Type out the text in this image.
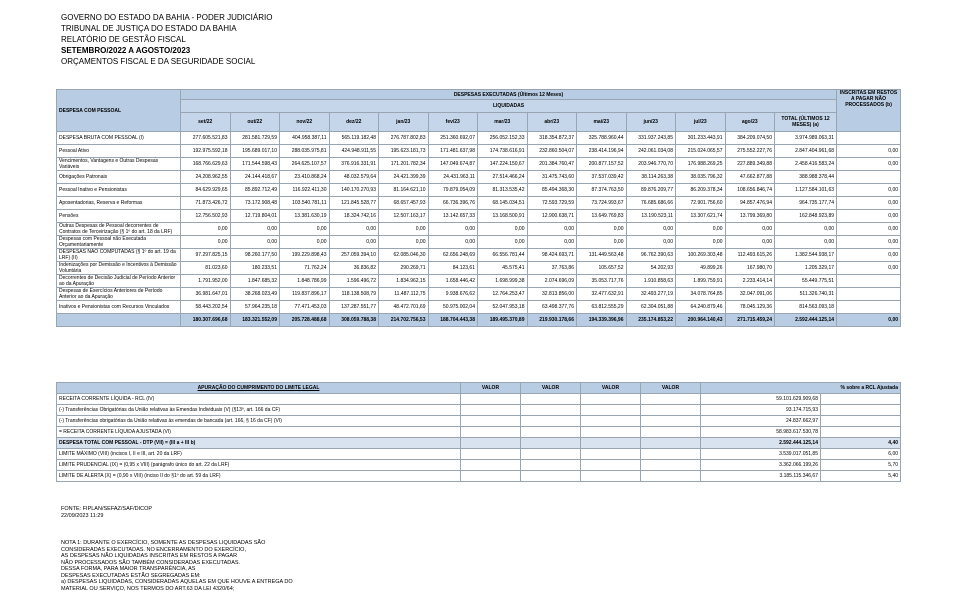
GOVERNO DO ESTADO DA BAHIA - PODER JUDICIÁRIO
TRIBUNAL DE JUSTIÇA DO ESTADO DA BAHIA
RELATÓRIO DE GESTÃO FISCAL
SETEMBRO/2022 A AGOSTO/2023
ORÇAMENTOS FISCAL E DA SEGURIDADE SOCIAL
DESPESA COM PESSOAL	DESPESAS EXECUTADAS (Últimos 12 Meses)													INSCRITAS EM RESTOS A PAGAR NÃO PROCESSADOS (b)
	LIQUIDADAS													
	set/22	out/22	nov/22	dez/22	jan/23	fev/23	mar/23	abr/23	mai/23	jun/23	jul/23	ago/23	TOTAL (ÚLTIMOS 12 MESES) (a)	
DESPESA BRUTA COM PESSOAL (I)	277.605.521,83	281.581.729,59	404.958.387,11	565.119.182,48	276.787.802,83	251.360.692,07	256.052.152,33	318.354.872,37	325.788.960,44	331.937.243,85	301.233.443,91	384.209.074,50	3.974.989.063,31	
Pessoal Ativo	192.975.592,18	195.689.017,10	288.035.975,81	424.948.911,55	195.623.181,73	171.481.637,98	174.738.616,91	232.860.504,07	238.414.196,94	242.061.034,08	215.024.065,57	275.552.227,76	2.847.404.961,68	0,00
Vencimentos, Vantagens e Outras Despesas Variáveis	168.766.629,63	171.544.598,43	264.625.107,57	376.916.331,91	171.201.782,34	147.049.674,87	147.224.150,67	201.384.760,47	200.877.157,52	203.946.770,70	176.988.269,25	227.889.349,88	2.458.416.583,24	0,00
Obrigações Patronais	24.208.962,55	24.144.418,67	23.410.868,24	48.032.579,64	24.421.399,39	24.431.963,11	27.514.466,24	31.475.743,60	37.537.039,42	38.114.263,38	38.035.796,32	47.662.877,88	388.988.378,44	
Pessoal Inativo e Pensionistas	84.629.929,65	85.892.712,49	116.922.411,30	140.170.270,93	81.164.621,10	79.879.054,09	81.313.535,42	85.494.368,30	87.374.763,50	89.876.209,77	86.209.378,34	108.656.846,74	1.127.584.101,63	0,00
Aposentadorias, Reserva e Reformas	71.873.426,72	73.172.908,48	103.540.781,11	121.845.528,77	68.657.457,93	66.736.396,76	68.145.034,51	72.593.729,59	73.724.993,67	76.685.686,66	72.901.756,60	94.857.476,94	964.735.177,74	0,00
Pensões	12.756.502,93	12.719.804,01	13.381.630,19	18.324.742,16	12.507.163,17	13.142.657,33	13.168.500,91	12.900.638,71	13.649.769,83	13.190.523,11	13.307.621,74	13.799.369,80	162.848.923,89	0,00
Outras Despesas de Pessoal decorrentes de Contratos de Terceirização (§ 1º do art. 18 da LRF)	0,00	0,00	0,00	0,00	0,00	0,00	0,00	0,00	0,00	0,00	0,00	0,00	0,00	0,00
Despesas com Pessoal não Executada Orçamentariamente	0,00	0,00	0,00	0,00	0,00	0,00	0,00	0,00	0,00	0,00	0,00	0,00	0,00	0,00
DESPESAS NÃO COMPUTADAS (§ 1º do art. 19 da LRF) (II)	97.297.825,15	98.260.177,50	199.229.898,43	257.059.394,10	62.085.046,30	62.656.248,69	66.556.781,44	98.424.693,71	131.449.563,48	96.762.390,63	100.269.303,48	112.493.615,26	1.382.544.938,17	0,00
Indenizações por Demissão e Incentivos à Demissão Voluntária	81.023,60	180.233,51	71.762,24	36.836,82	290.269,71	84.123,61	45.575,41	37.763,86	105.657,52	54.202,93	49.899,26	167.980,70	1.205.329,17	0,00
Decorrentes de Decisão Judicial de Período Anterior ao da Apuração	1.791.952,00	1.847.685,32	1.848.786,99	1.596.496,72	1.834.962,15	1.658.446,42	1.698.999,38	2.074.696,09	35.053.717,76	1.910.858,63	1.899.759,91	2.233.414,14	55.449.775,51	
Despesas de Exercícios Anteriores de Período Anterior ao da Apuração	36.981.647,01	38.268.023,49	119.837.896,17	118.138.508,79	11.487.112,75	9.938.676,62	12.764.253,47	32.813.856,00	32.477.632,91	32.493.277,19	34.078.764,85	32.047.091,06	511.326.740,31	
Inativos e Pensionistas com Recursos Vinculados	58.443.202,54	57.964.235,18	77.471.453,03	137.287.551,77	48.472.701,69	50.975.002,04	52.047.953,18	63.498.377,76	63.812.555,29	62.304.051,88	64.240.879,46	78.045.129,36	814.563.093,18	
	180.307.696,68	183.321.552,09	205.728.488,68	308.059.788,38	214.702.756,53	188.704.443,38	189.495.370,89	219.930.178,66	194.339.396,96	235.174.853,22	200.964.140,43	271.715.459,24	2.592.444.125,14	0,00
APURAÇÃO DO CUMPRIMENTO DO LIMITE LEGAL	VALOR	VALOR	VALOR	VALOR	% sobre a RCL Ajustada	
RECEITA CORRENTE LÍQUIDA - RCL (IV)					59.101.629.909,68	
(-) Transferências Obrigatórias da União relativas às Emendas Individuais (V) (§13º, art. 166 da CF)					93.174.715,93	
(-) Transferências obrigatórias da União relativas às emendas de bancada (art. 166, § 16 da CF) (VI)					24.837.662,97	
= RECEITA CORRENTE LÍQUIDA AJUSTADA (VI)					58.983.617.530,78	
DESPESA TOTAL COM PESSOAL - DTP (VII) = (III a + III b)					2.592.444.125,14	4,40
LIMITE MÁXIMO (VIII) (incisos I, II e III, art. 20 da LRF)					3.539.017.051,85	6,00
LIMITE PRUDENCIAL (IX) = (0,95 x VIII) (parágrafo único do art. 22 da LRF)					3.362.066.199,26	5,70
LIMITE DE ALERTA (X) = (0,90 x VIII) (inciso II do §1º do art. 59 da LRF)					3.185.115.346,67	5,40
FONTE: FIPLAN/SEFAZ/SAF/DICOP
22/09/2023 11:29
NOTA 1: DURANTE O EXERCÍCIO, SOMENTE AS DESPESAS LIQUIDADAS SÃO
CONSIDERADAS EXECUTADAS. NO ENCERRAMENTO DO EXERCÍCIO,
AS DESPESAS NÃO LIQUIDADAS INSCRITAS EM RESTOS A PAGAR
NÃO PROCESSADOS SÃO TAMBÉM CONSIDERADAS EXECUTADAS.
DESSA FORMA, PARA MAIOR TRANSPARÊNCIA, AS
DESPESAS EXECUTADAS ESTÃO SEGREGADAS EM:
a) DESPESAS LIQUIDADAS, CONSIDERADAS AQUELAS EM QUE HOUVE A ENTREGA DO
MATERIAL OU SERVIÇO, NOS TERMOS DO ART.63 DA LEI 4320/64;
